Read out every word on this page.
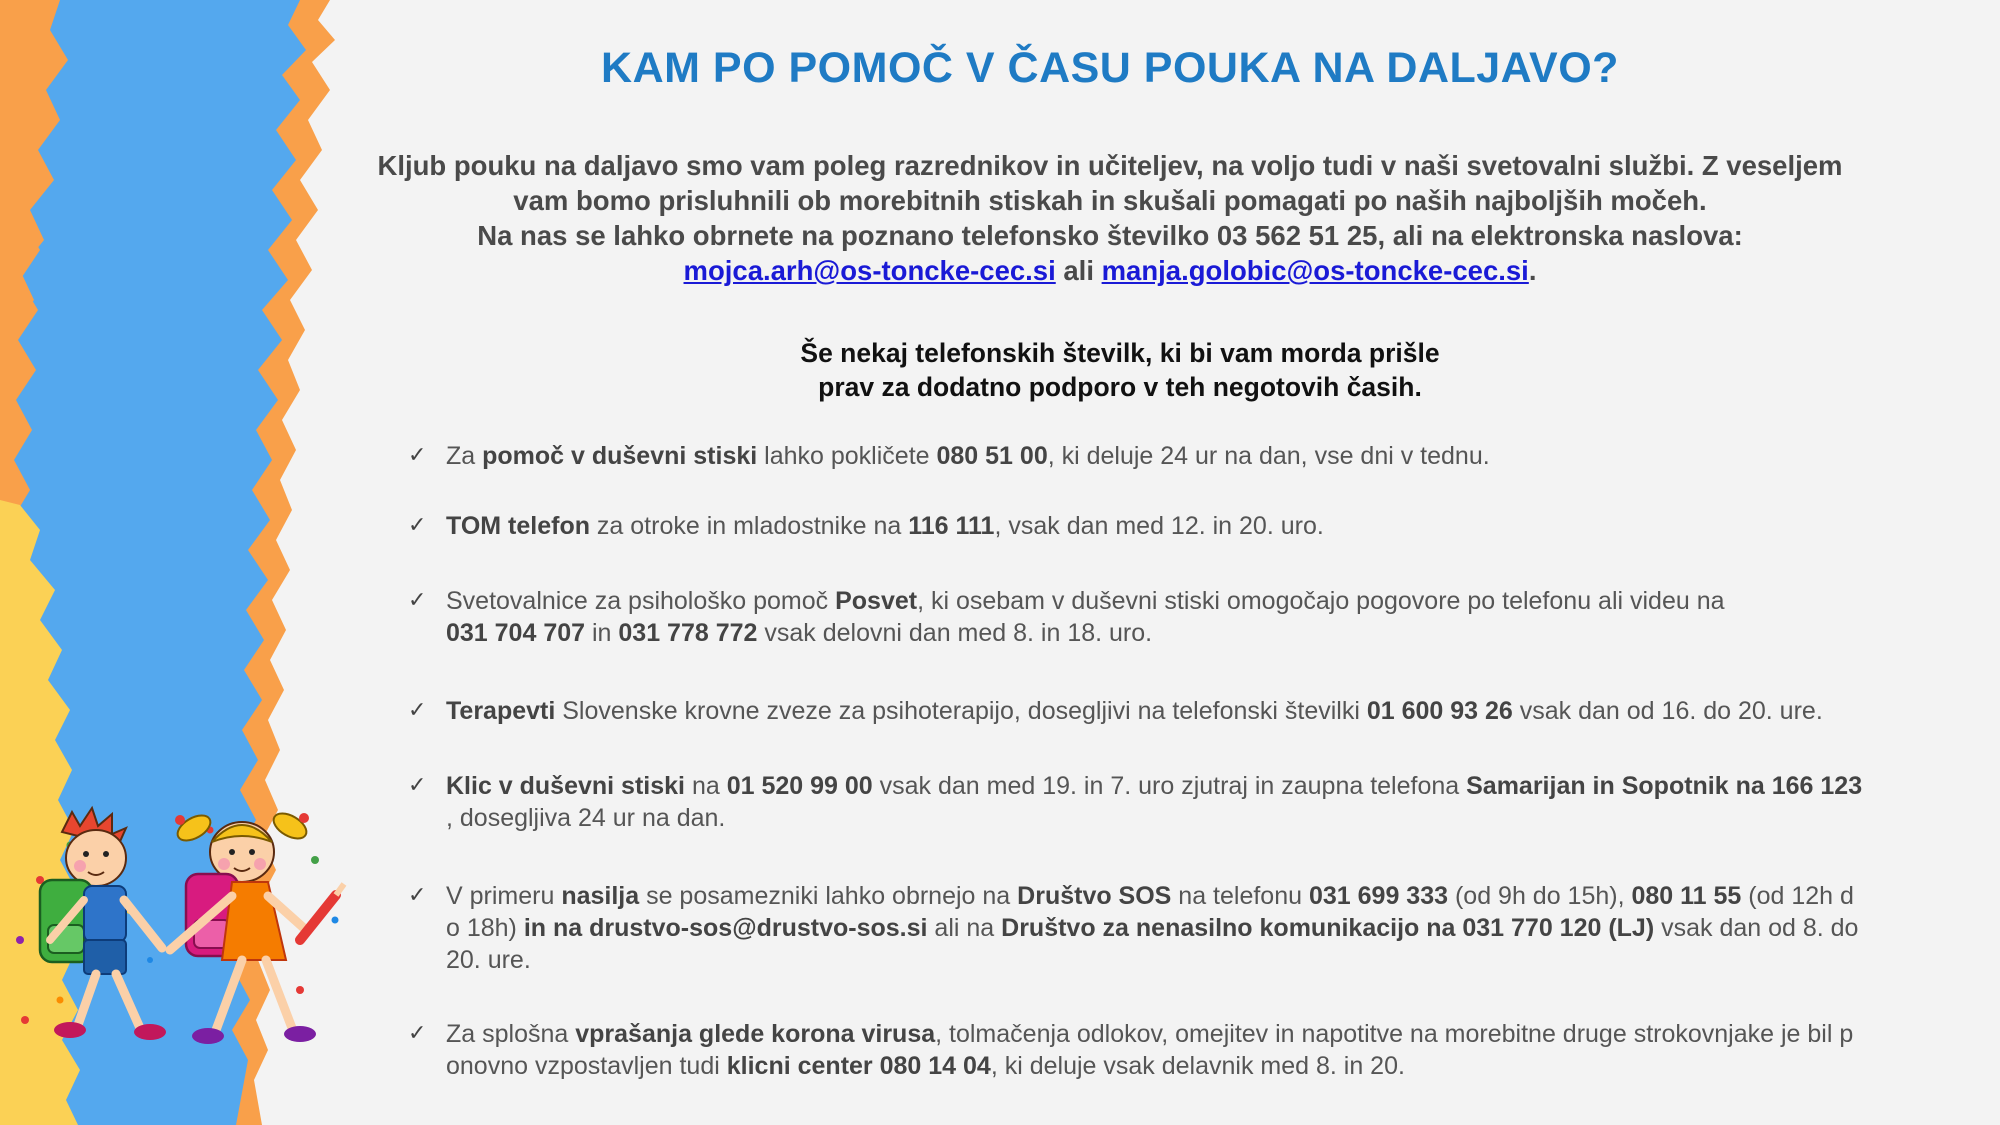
KAM PO POMOČ V ČASU POUKA NA DALJAVO?
Kljub pouku na daljavo smo vam poleg razrednikov in učiteljev, na voljo tudi v naši svetovalni službi. Z veseljem
vam bomo prisluhnili ob morebitnih stiskah in skušali pomagati po naših najboljših močeh.
Na nas se lahko obrnete na poznano telefonsko številko 03 562 51 25, ali na elektronska naslova:
mojca.arh@os-toncke-cec.si ali manja.golobic@os-toncke-cec.si.
Še nekaj telefonskih številk, ki bi vam morda prišle
prav za dodatno podporo v teh negotovih časih.
✓ Za pomoč v duševni stiski lahko pokličete 080 51 00, ki deluje 24 ur na dan, vse dni v tednu.
✓ TOM telefon za otroke in mladostnike na 116 111, vsak dan med 12. in 20. uro.
✓ Svetovalnice za psihološko pomoč Posvet, ki osebam v duševni stiski omogočajo pogovore po telefonu ali videu na
031 704 707 in 031 778 772 vsak delovni dan med 8. in 18. uro.
✓ Terapevti Slovenske krovne zveze za psihoterapijo, dosegljivi na telefonski številki 01 600 93 26 vsak dan od 16. do 20. ure.
✓ Klic v duševni stiski na 01 520 99 00 vsak dan med 19. in 7. uro zjutraj in zaupna telefona Samarijan in Sopotnik na 166 123
, dosegljiva 24 ur na dan.
✓ V primeru nasilja se posamezniki lahko obrnejo na Društvo SOS na telefonu 031 699 333 (od 9h do 15h), 080 11 55 (od 12h d
o 18h) in na drustvo-sos@drustvo-sos.si ali na Društvo za nenasilno komunikacijo na 031 770 120 (LJ) vsak dan od 8. do
20. ure.
✓ Za splošna vprašanja glede korona virusa, tolmačenja odlokov, omejitev in napotitve na morebitne druge strokovnjake je bil p
onovno vzpostavljen tudi klicni center 080 14 04, ki deluje vsak delavnik med 8. in 20.
